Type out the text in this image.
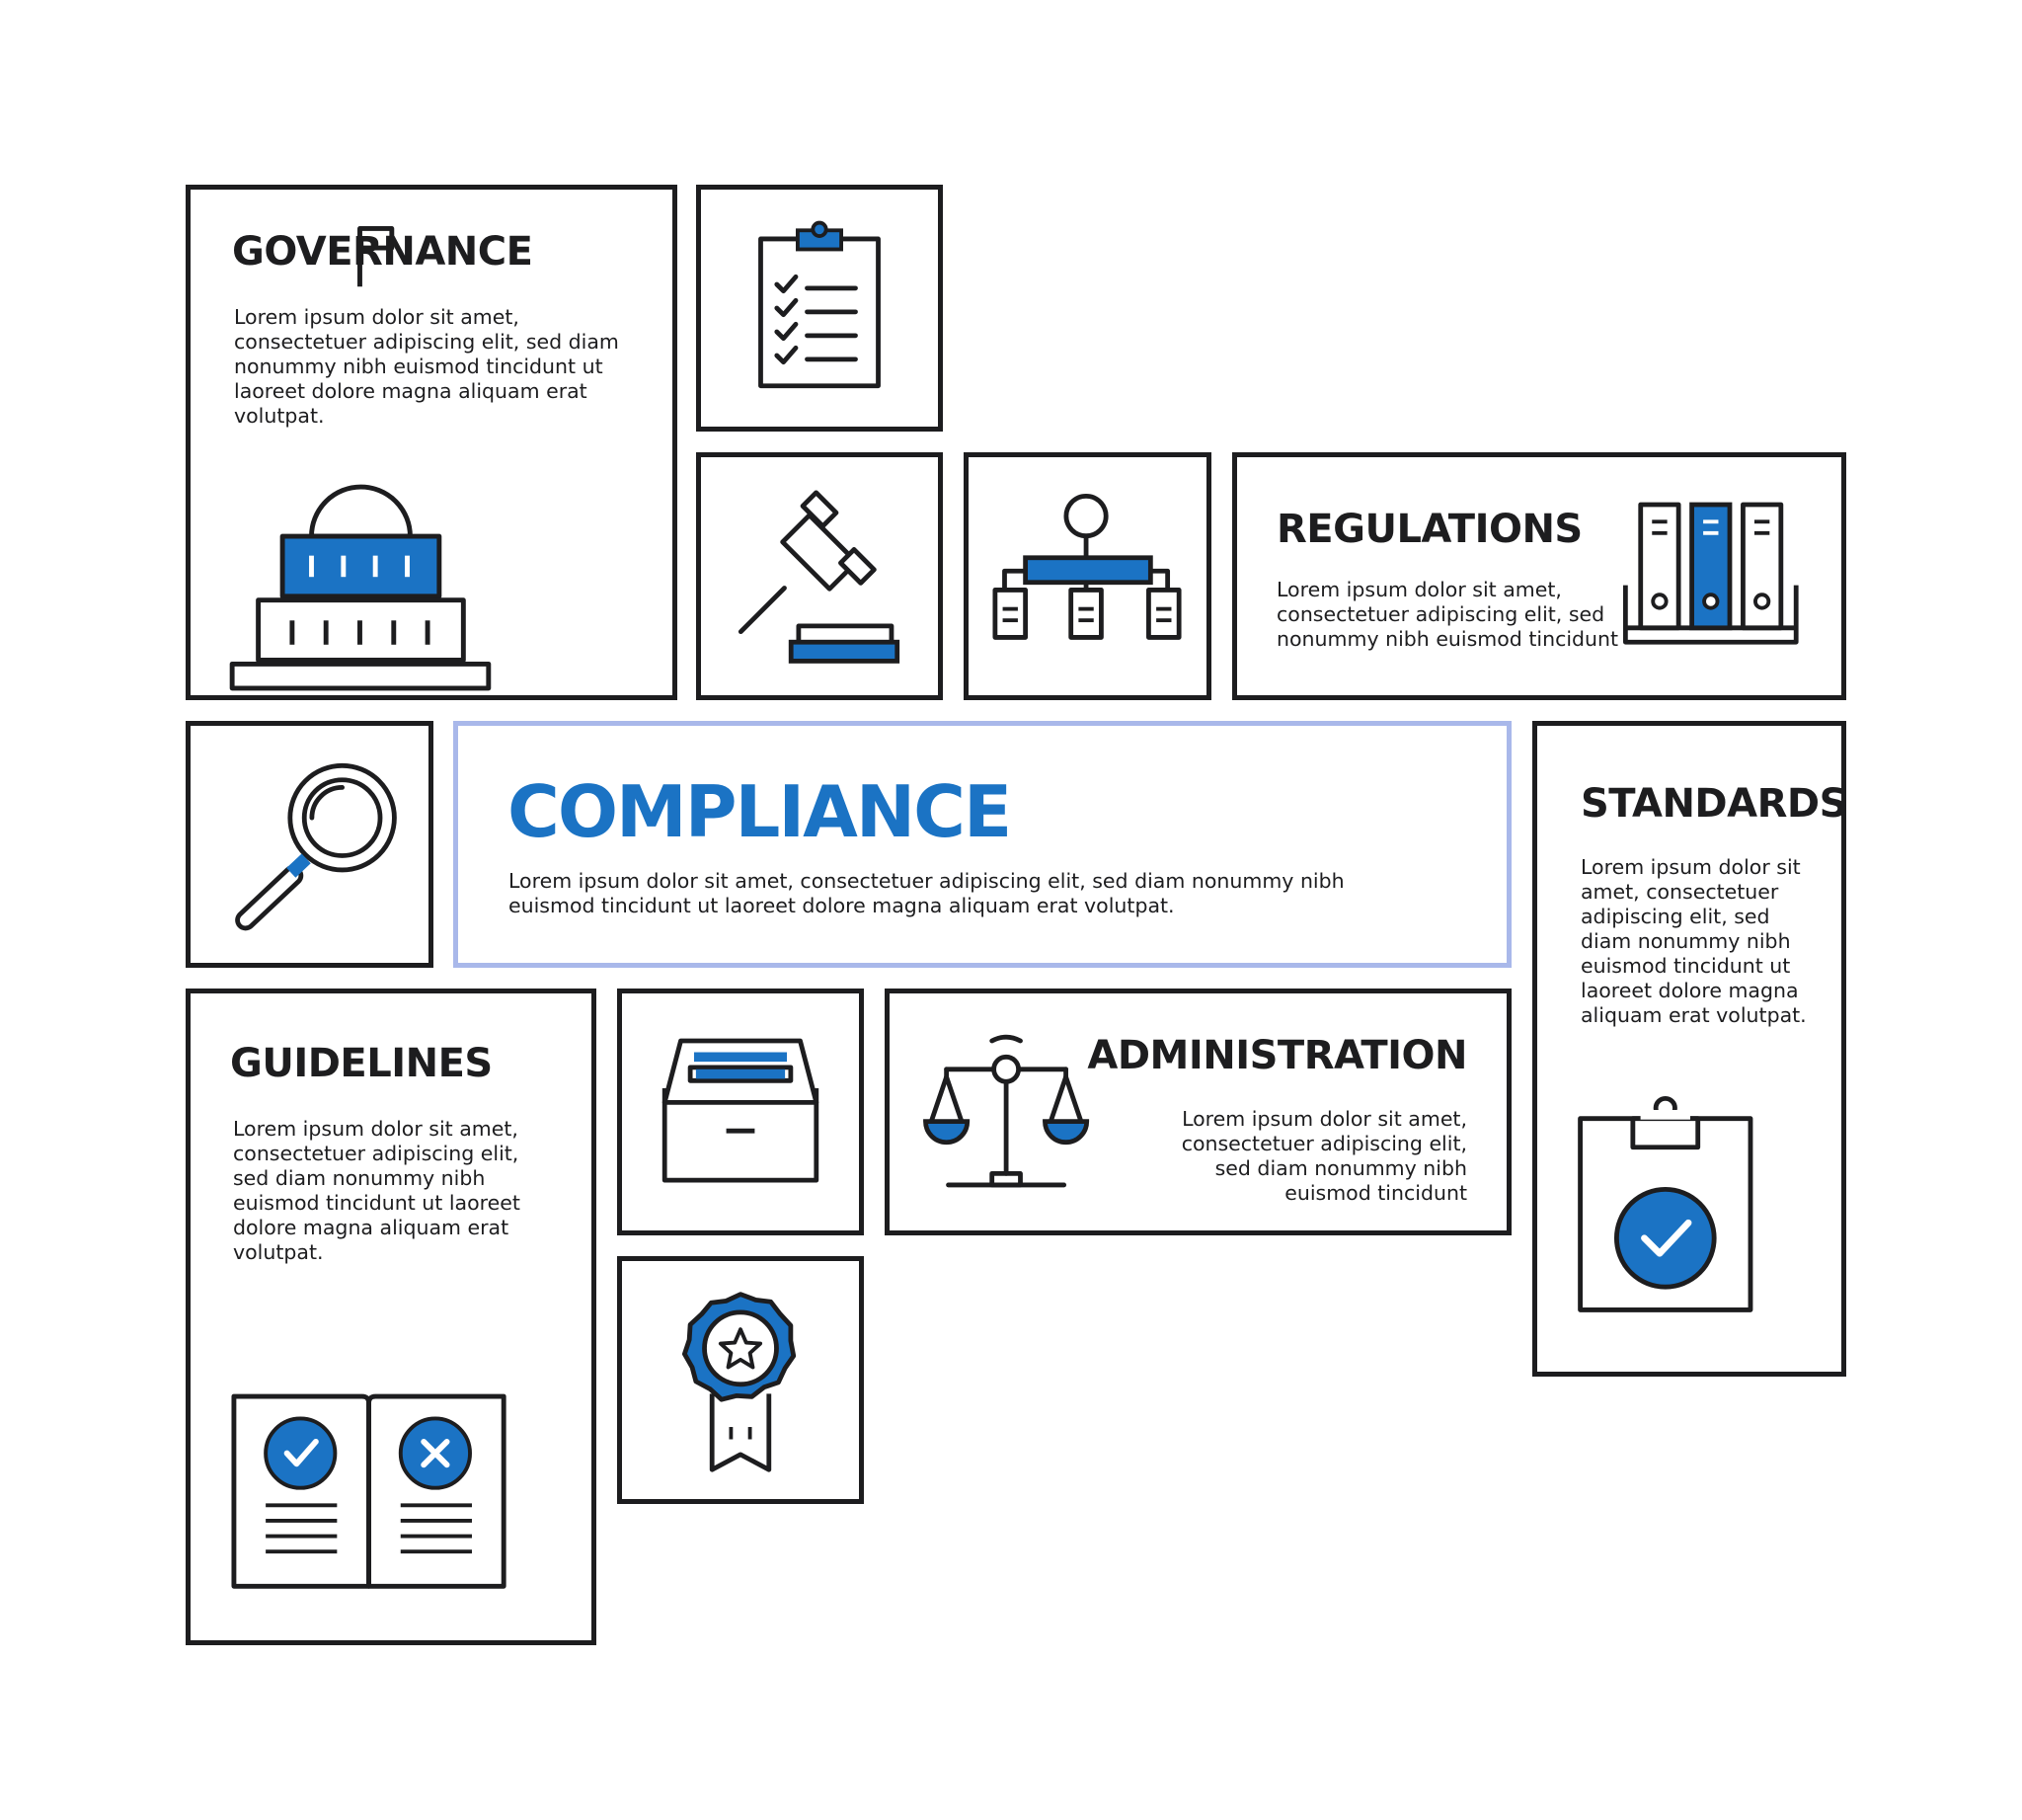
GOVERNANCE

Lorem ipsum dolor sit amet,
consectetuer adipiscing elit, sed diam
nonummy nibh euismod tincidunt ut
laoreet dolore magna aliquam erat
volutpat.

REGULATIONS

Lorem ipsum dolor sit amet,
consectetuer adipiscing elit, sed
nonummy nibh euismod tincidunt

COMPLIANCE

Lorem ipsum dolor sit amet, consectetuer adipiscing elit, sed diam nonummy nibh
euismod tincidunt ut laoreet dolore magna aliquam erat volutpat.

STANDARDS

Lorem ipsum dolor sit
amet, consectetuer
adipiscing elit, sed
diam nonummy nibh
euismod tincidunt ut
laoreet dolore magna
aliquam erat volutpat.

GUIDELINES

Lorem ipsum dolor sit amet,
consectetuer adipiscing elit,
sed diam nonummy nibh
euismod tincidunt ut laoreet
dolore magna aliquam erat
volutpat.

ADMINISTRATION

Lorem ipsum dolor sit amet,
consectetuer adipiscing elit,
sed diam nonummy nibh
euismod tincidunt
